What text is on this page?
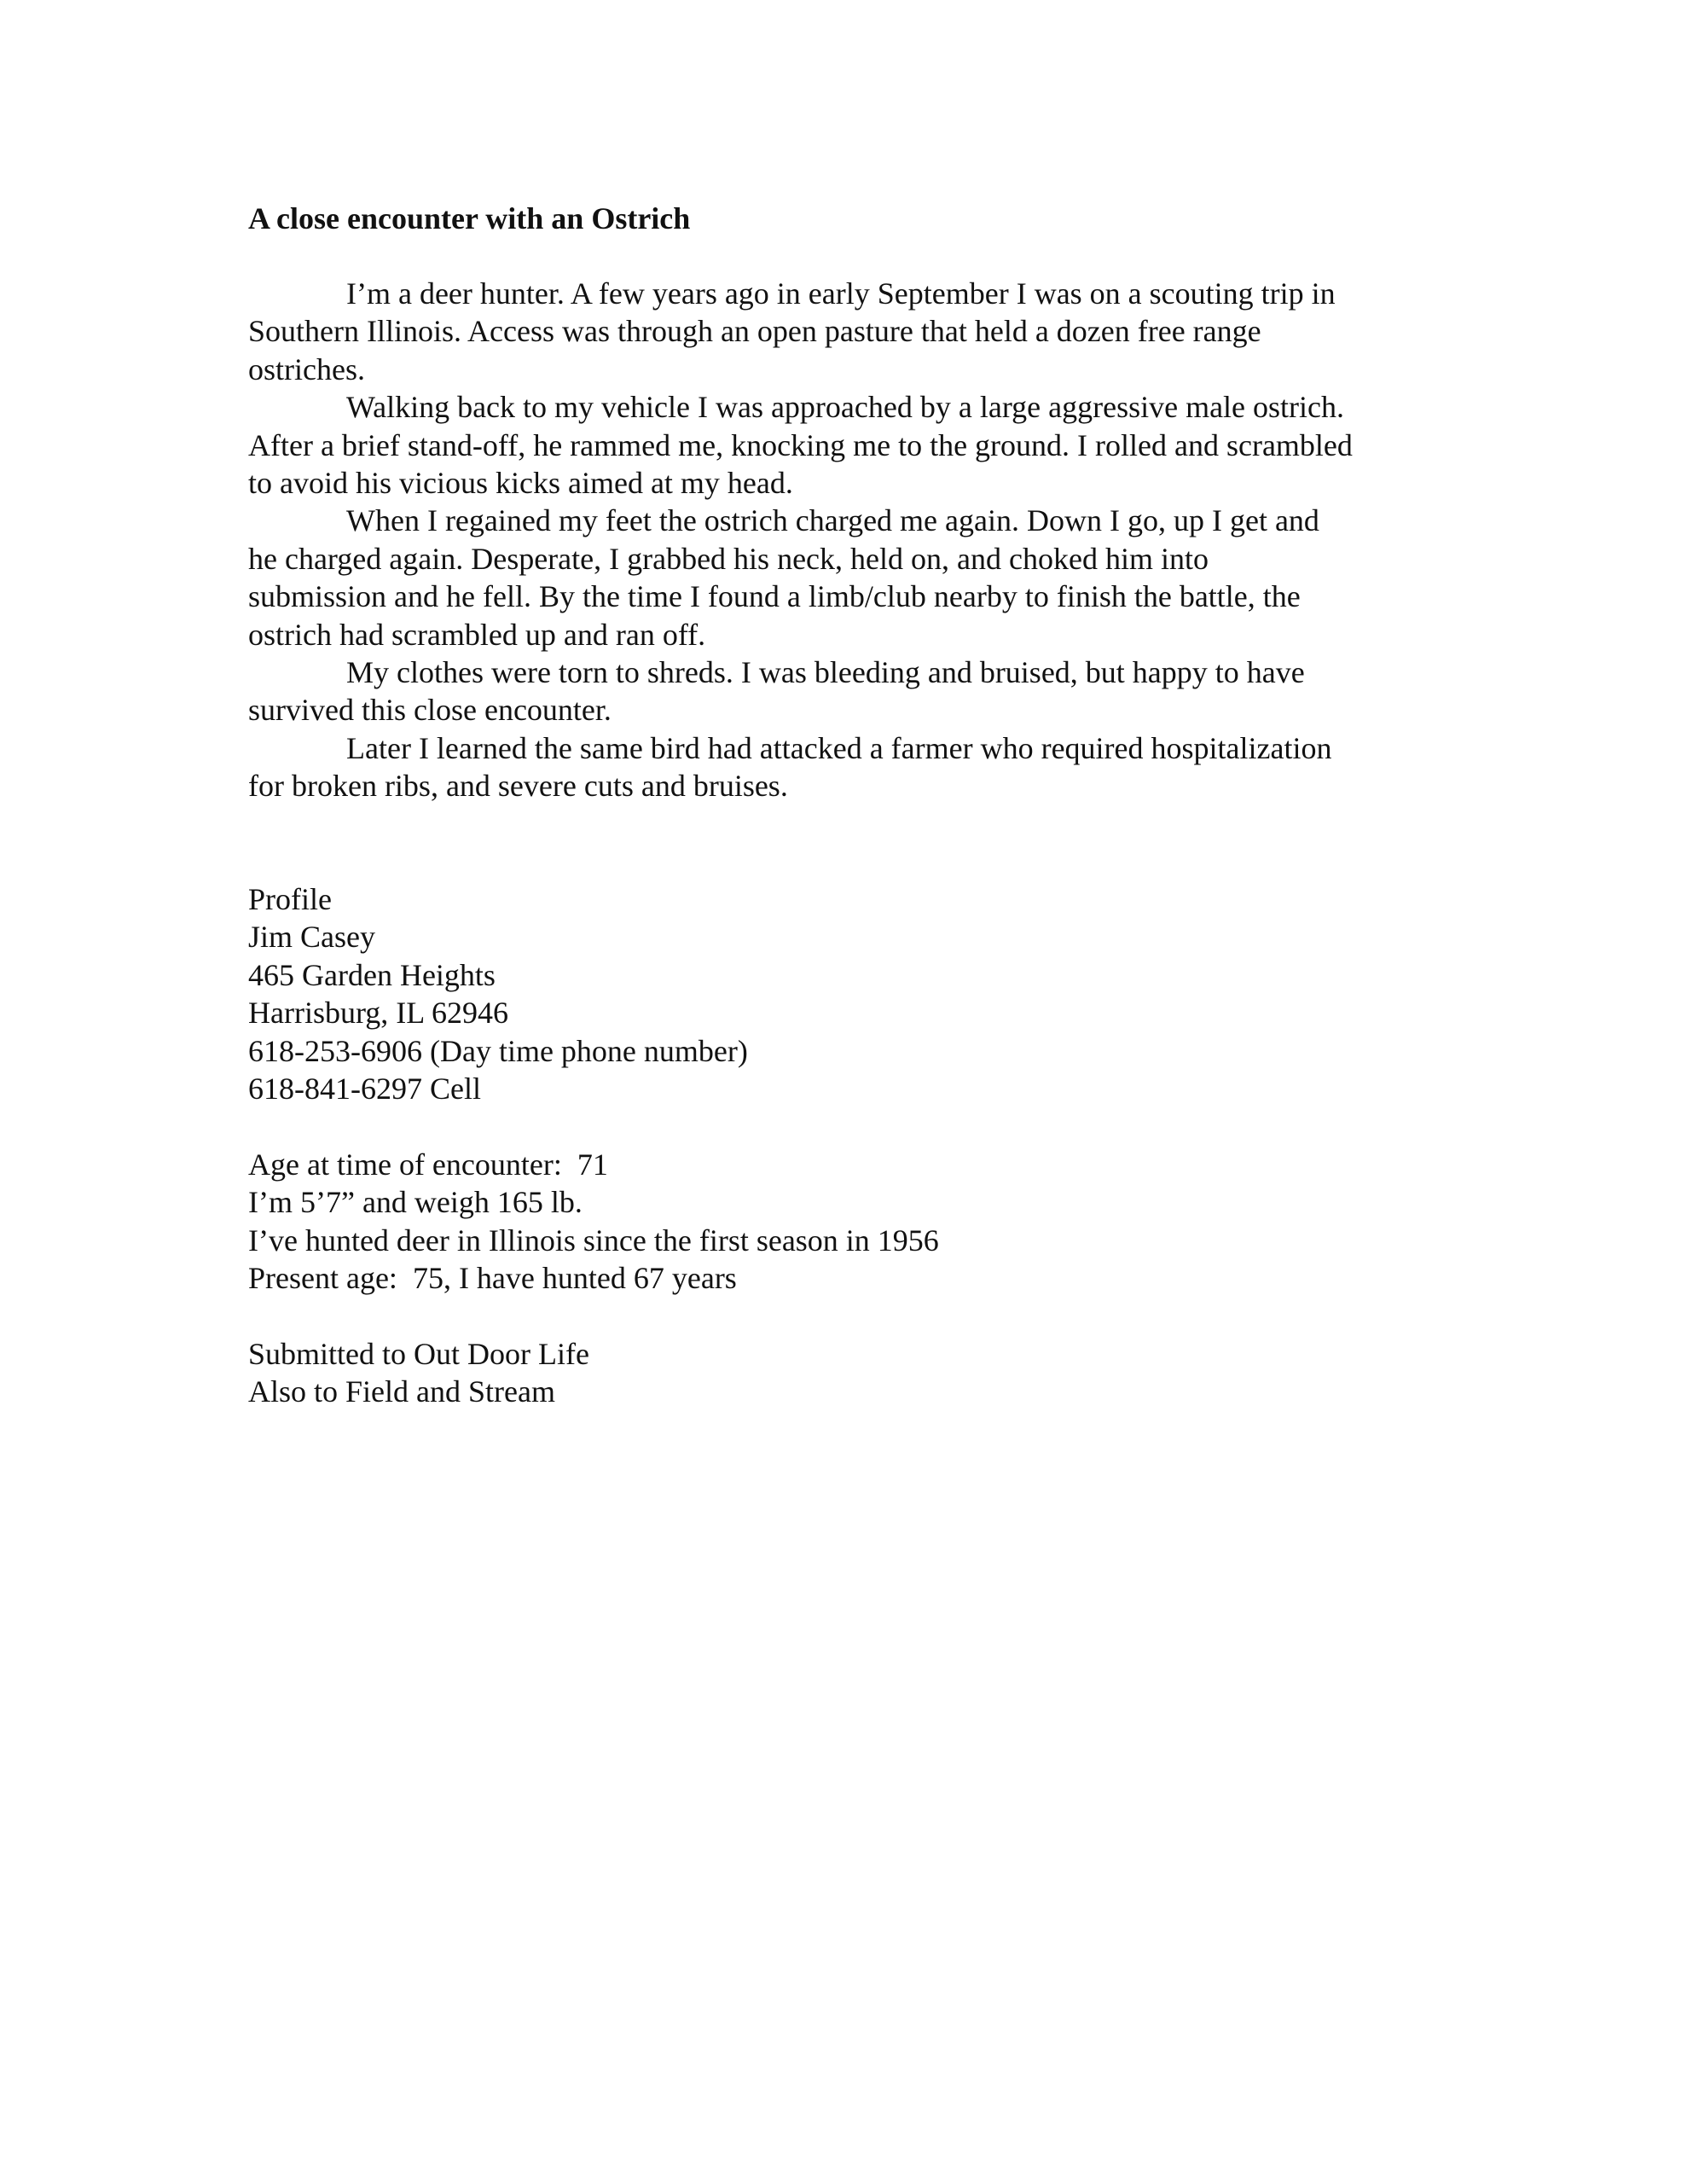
A close encounter with an Ostrich

I’m a deer hunter. A few years ago in early September I was on a scouting trip in
Southern Illinois. Access was through an open pasture that held a dozen free range
ostriches.

Walking back to my vehicle I was approached by a large aggressive male ostrich.
After a brief stand-off, he rammed me, knocking me to the ground. I rolled and scrambled
to avoid his vicious kicks aimed at my head.

When I regained my feet the ostrich charged me again. Down I go, up I get and
he charged again. Desperate, I grabbed his neck, held on, and choked him into
submission and he fell. By the time I found a limb/club nearby to finish the battle, the
ostrich had scrambled up and ran off.

My clothes were torn to shreds. I was bleeding and bruised, but happy to have
survived this close encounter.

Later I learned the same bird had attacked a farmer who required hospitalization
for broken ribs, and severe cuts and bruises.

Profile
Jim Casey
465 Garden Heights
Harrisburg, IL 62946
618-253-6906 (Day time phone number)
618-841-6297 Cell
Age at time of encounter:  71
I’m 5’7” and weigh 165 lb.
I’ve hunted deer in Illinois since the first season in 1956
Present age:  75, I have hunted 67 years
Submitted to Out Door Life
Also to Field and Stream
